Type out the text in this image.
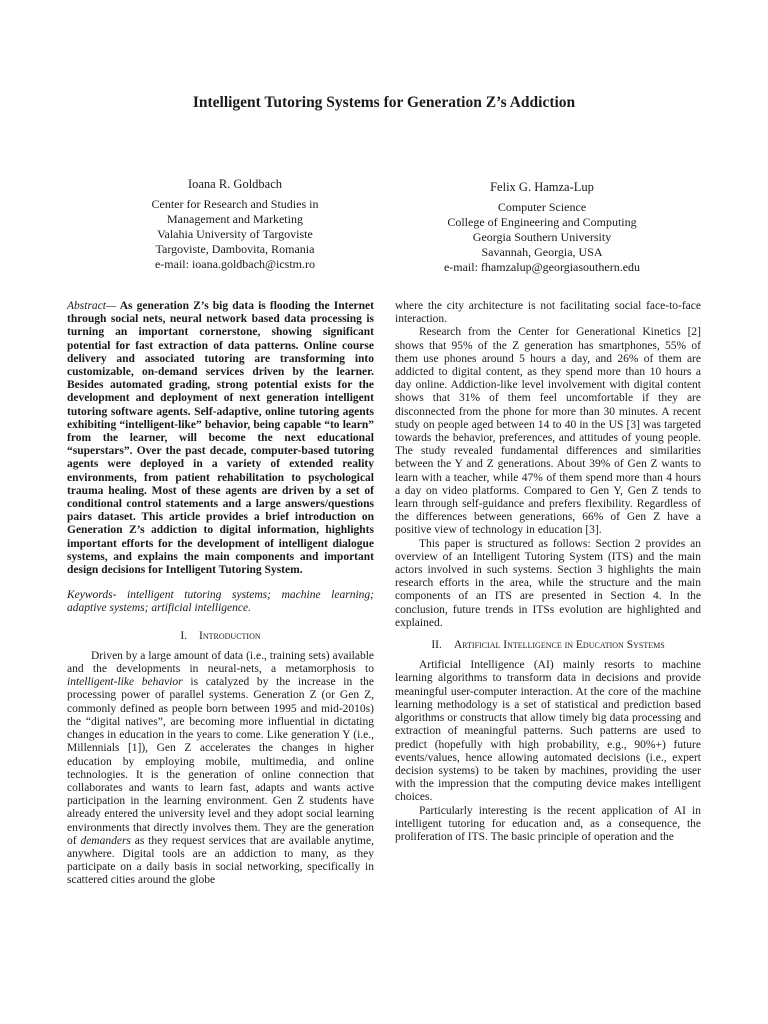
Intelligent Tutoring Systems for Generation Z’s Addiction
Ioana R. Goldbach
Center for Research and Studies in
Management and Marketing
Valahia University of Targoviste
Targoviste, Dambovita, Romania
e-mail: ioana.goldbach@icstm.ro
Felix G. Hamza-Lup
Computer Science
College of Engineering and Computing
Georgia Southern University
Savannah, Georgia, USA
e-mail: fhamzalup@georgiasouthern.edu

Abstract— As generation Z’s big data is flooding the Internet through social nets, neural network based data processing is turning an important cornerstone, showing significant potential for fast extraction of data patterns. Online course delivery and associated tutoring are transforming into customizable, on-demand services driven by the learner. Besides automated grading, strong potential exists for the development and deployment of next generation intelligent tutoring software agents. Self-adaptive, online tutoring agents exhibiting “intelligent-like” behavior, being capable “to learn” from the learner, will become the next educational “superstars”. Over the past decade, computer-based tutoring agents were deployed in a variety of extended reality environments, from patient rehabilitation to psychological trauma healing. Most of these agents are driven by a set of conditional control statements and a large answers/questions pairs dataset. This article provides a brief introduction on Generation Z’s addiction to digital information, highlights important efforts for the development of intelligent dialogue systems, and explains the main components and important design decisions for Intelligent Tutoring System.

Keywords- intelligent tutoring systems; machine learning; adaptive systems; artificial intelligence.

I. Introduction

Driven by a large amount of data (i.e., training sets) available and the developments in neural-nets, a metamorphosis to intelligent-like behavior is catalyzed by the increase in the processing power of parallel systems. Generation Z (or Gen Z, commonly defined as people born between 1995 and mid-2010s) the “digital natives”, are becoming more influential in dictating changes in education in the years to come. Like generation Y (i.e., Millennials [1]), Gen Z accelerates the changes in higher education by employing mobile, multimedia, and online technologies. It is the generation of online connection that collaborates and wants to learn fast, adapts and wants active participation in the learning environment. Gen Z students have already entered the university level and they adopt social learning environments that directly involves them. They are the generation of demanders as they request services that are available anytime, anywhere. Digital tools are an addiction to many, as they participate on a daily basis in social networking, specifically in scattered cities around the globe

where the city architecture is not facilitating social face-to-face interaction.

Research from the Center for Generational Kinetics [2] shows that 95% of the Z generation has smartphones, 55% of them use phones around 5 hours a day, and 26% of them are addicted to digital content, as they spend more than 10 hours a day online. Addiction-like level involvement with digital content shows that 31% of them feel uncomfortable if they are disconnected from the phone for more than 30 minutes. A recent study on people aged between 14 to 40 in the US [3] was targeted towards the behavior, preferences, and attitudes of young people. The study revealed fundamental differences and similarities between the Y and Z generations. About 39% of Gen Z wants to learn with a teacher, while 47% of them spend more than 4 hours a day on video platforms. Compared to Gen Y, Gen Z tends to learn through self-guidance and prefers flexibility. Regardless of the differences between generations, 66% of Gen Z have a positive view of technology in education [3].

This paper is structured as follows: Section 2 provides an overview of an Intelligent Tutoring System (ITS) and the main actors involved in such systems. Section 3 highlights the main research efforts in the area, while the structure and the main components of an ITS are presented in Section 4. In the conclusion, future trends in ITSs evolution are highlighted and explained.

II. Artificial Intelligence in Education Systems

Artificial Intelligence (AI) mainly resorts to machine learning algorithms to transform data in decisions and provide meaningful user-computer interaction. At the core of the machine learning methodology is a set of statistical and prediction based algorithms or constructs that allow timely big data processing and extraction of meaningful patterns. Such patterns are used to predict (hopefully with high probability, e.g., 90%+) future events/values, hence allowing automated decisions (i.e., expert decision systems) to be taken by machines, providing the user with the impression that the computing device makes intelligent choices.

Particularly interesting is the recent application of AI in intelligent tutoring for education and, as a consequence, the proliferation of ITS. The basic principle of operation and the
